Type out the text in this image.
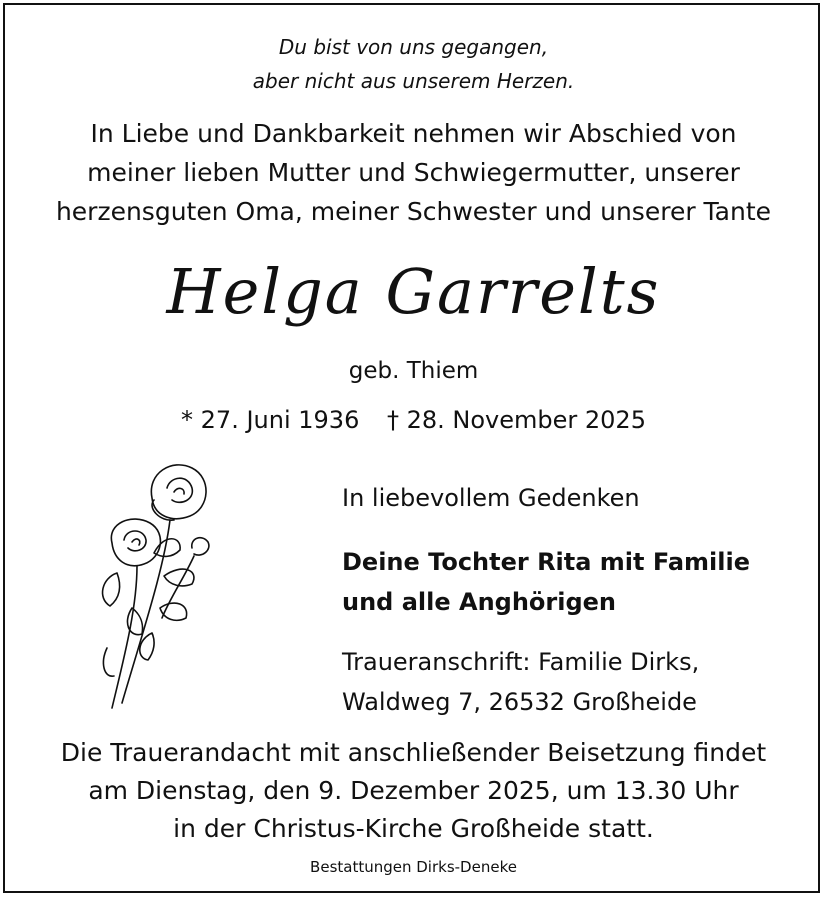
Du bist von uns gegangen,
aber nicht aus unserem Herzen.
In Liebe und Dankbarkeit nehmen wir Abschied von
meiner lieben Mutter und Schwiegermutter, unserer
herzensguten Oma, meiner Schwester und unserer Tante
Helga Garrelts
geb. Thiem
* 27. Juni 1936 † 28. November 2025
In liebevollem Gedenken
Deine Tochter Rita mit Familie
und alle Anghörigen
Traueranschrift: Familie Dirks,
Waldweg 7, 26532 Großheide
Die Trauerandacht mit anschließender Beisetzung findet
am Dienstag, den 9. Dezember 2025, um 13.30 Uhr
in der Christus-Kirche Großheide statt.
Bestattungen Dirks-Deneke
